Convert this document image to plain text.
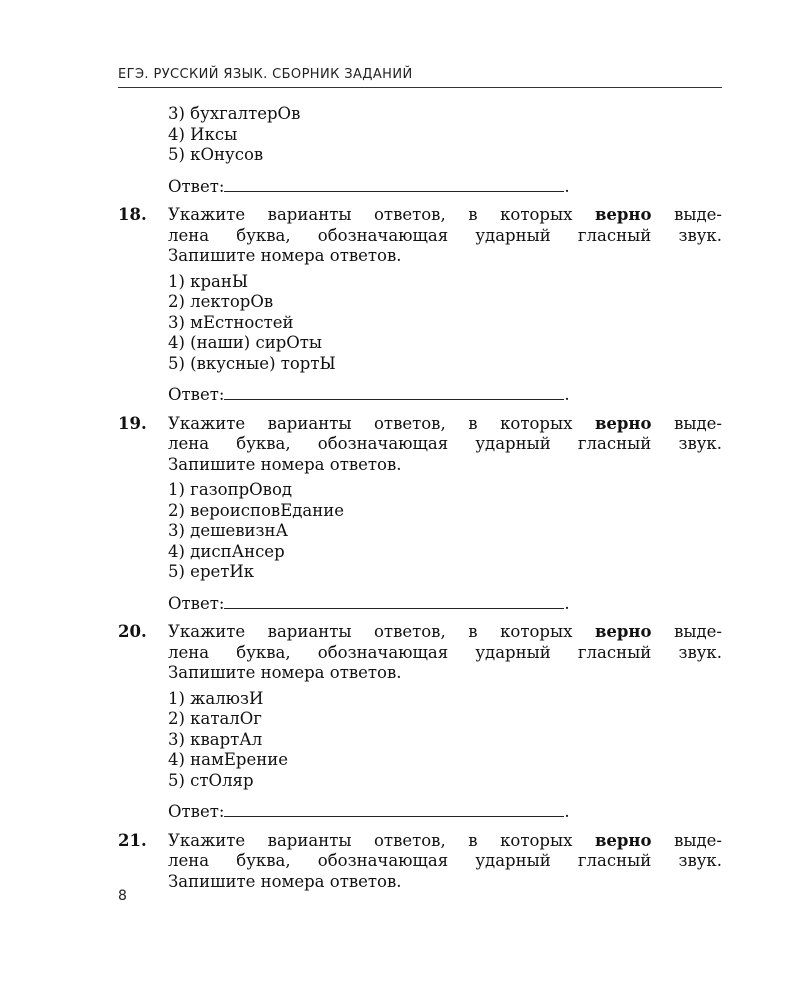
ЕГЭ. РУССКИЙ ЯЗЫК. СБОРНИК ЗАДАНИЙ
3) бухгалтерОв
4) Иксы
5) кОнусов
Ответ:	.
18. Укажите варианты ответов, в которых верно выде-
лена буква, обозначающая ударный гласный звук.
Запишите номера ответов.
1) кранЫ
2) лекторОв
3) мЕстностей
4) (наши) сирОты
5) (вкусные) тортЫ
Ответ:	.
19. Укажите варианты ответов, в которых верно выде-
лена буква, обозначающая ударный гласный звук.
Запишите номера ответов.
1) газопрОвод
2) вероисповЕдание
3) дешевизнА
4) диспАнсер
5) еретИк
Ответ:	.
20. Укажите варианты ответов, в которых верно выде-
лена буква, обозначающая ударный гласный звук.
Запишите номера ответов.
1) жалюзИ
2) каталОг
3) квартАл
4) намЕрение
5) стОляр
Ответ:	.
21. Укажите варианты ответов, в которых верно выде-
лена буква, обозначающая ударный гласный звук.
Запишите номера ответов.
8
